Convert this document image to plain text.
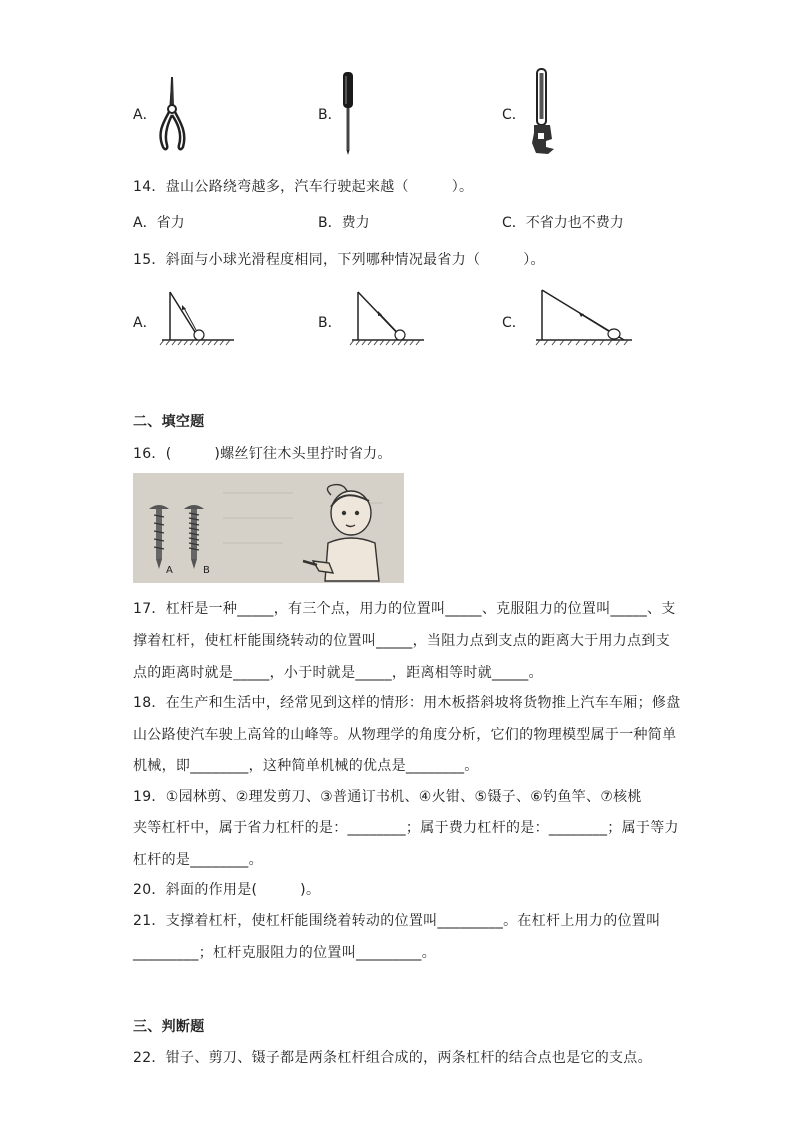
A．	B．	C．
14．盘山公路绕弯越多，汽车行驶起来越（　　　）。
A．省力	B．费力	C．不省力也不费力
15．斜面与小球光滑程度相同，下列哪种情况最省力（　　　）。
A．	B．	C．
二、填空题
16．(　　　)螺丝钉往木头里拧时省力。
A	B
17．杠杆是一种_____，有三个点，用力的位置叫_____、克服阻力的位置叫_____、支
撑着杠杆，使杠杆能围绕转动的位置叫_____，当阻力点到支点的距离大于用力点到支
点的距离时就是_____，小于时就是_____，距离相等时就_____。
18．在生产和生活中，经常见到这样的情形：用木板搭斜坡将货物推上汽车车厢；修盘
山公路使汽车驶上高耸的山峰等。从物理学的角度分析，它们的物理模型属于一种简单
机械，即________，这种简单机械的优点是________。
19．①园林剪、②理发剪刀、③普通订书机、④火钳、⑤镊子、⑥钓鱼竿、⑦核桃
夹等杠杆中，属于省力杠杆的是：________；属于费力杠杆的是：________；属于等力
杠杆的是________。
20．斜面的作用是(　　　)。
21．支撑着杠杆，使杠杆能围绕着转动的位置叫_________。在杠杆上用力的位置叫
_________；杠杆克服阻力的位置叫_________。
三、判断题
22．钳子、剪刀、镊子都是两条杠杆组合成的，两条杠杆的结合点也是它的支点。
